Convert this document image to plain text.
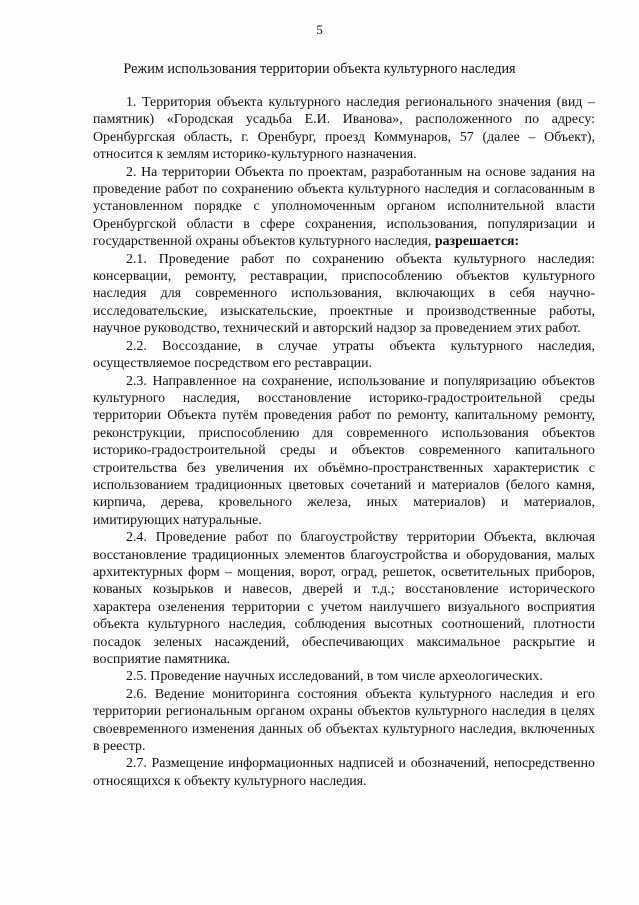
5
Режим использования территории объекта культурного наследия

1. Территория объекта культурного наследия регионального значения (вид – памятник) «Городская усадьба Е.И. Иванова», расположенного по адресу: Оренбургская область, г. Оренбург, проезд Коммунаров, 57 (далее – Объект), относится к землям историко-культурного назначения.

2. На территории Объекта по проектам, разработанным на основе задания на проведение работ по сохранению объекта культурного наследия и согласованным в установленном порядке с уполномоченным органом исполнительной власти Оренбургской области в сфере сохранения, использования, популяризации и государственной охраны объектов культурного наследия, разрешается:

2.1. Проведение работ по сохранению объекта культурного наследия: консервации, ремонту, реставрации, приспособлению объектов культурного наследия для современного использования, включающих в себя научно-исследовательские, изыскательские, проектные и производственные работы, научное руководство, технический и авторский надзор за проведением этих работ.

2.2. Воссоздание, в случае утраты объекта культурного наследия, осуществляемое посредством его реставрации.

2.3. Направленное на сохранение, использование и популяризацию объектов культурного наследия, восстановление историко-градостроительной среды территории Объекта путём проведения работ по ремонту, капитальному ремонту, реконструкции, приспособлению для современного использования объектов историко-градостроительной среды и объектов современного капитального строительства без увеличения их объёмно-пространственных характеристик с использованием традиционных цветовых сочетаний и материалов (белого камня, кирпича, дерева, кровельного железа, иных материалов) и материалов, имитирующих натуральные.

2.4. Проведение работ по благоустройству территории Объекта, включая восстановление традиционных элементов благоустройства и оборудования, малых архитектурных форм – мощения, ворот, оград, решеток, осветительных приборов, кованых козырьков и навесов, дверей и т.д.; восстановление исторического характера озеленения территории с учетом наилучшего визуального восприятия объекта культурного наследия, соблюдения высотных соотношений, плотности посадок зеленых насаждений, обеспечивающих максимальное раскрытие и восприятие памятника.

2.5. Проведение научных исследований, в том числе археологических.

2.6. Ведение мониторинга состояния объекта культурного наследия и его территории региональным органом охраны объектов культурного наследия в целях своевременного изменения данных об объектах культурного наследия, включенных в реестр.

2.7. Размещение информационных надписей и обозначений, непосредственно относящихся к объекту культурного наследия.
